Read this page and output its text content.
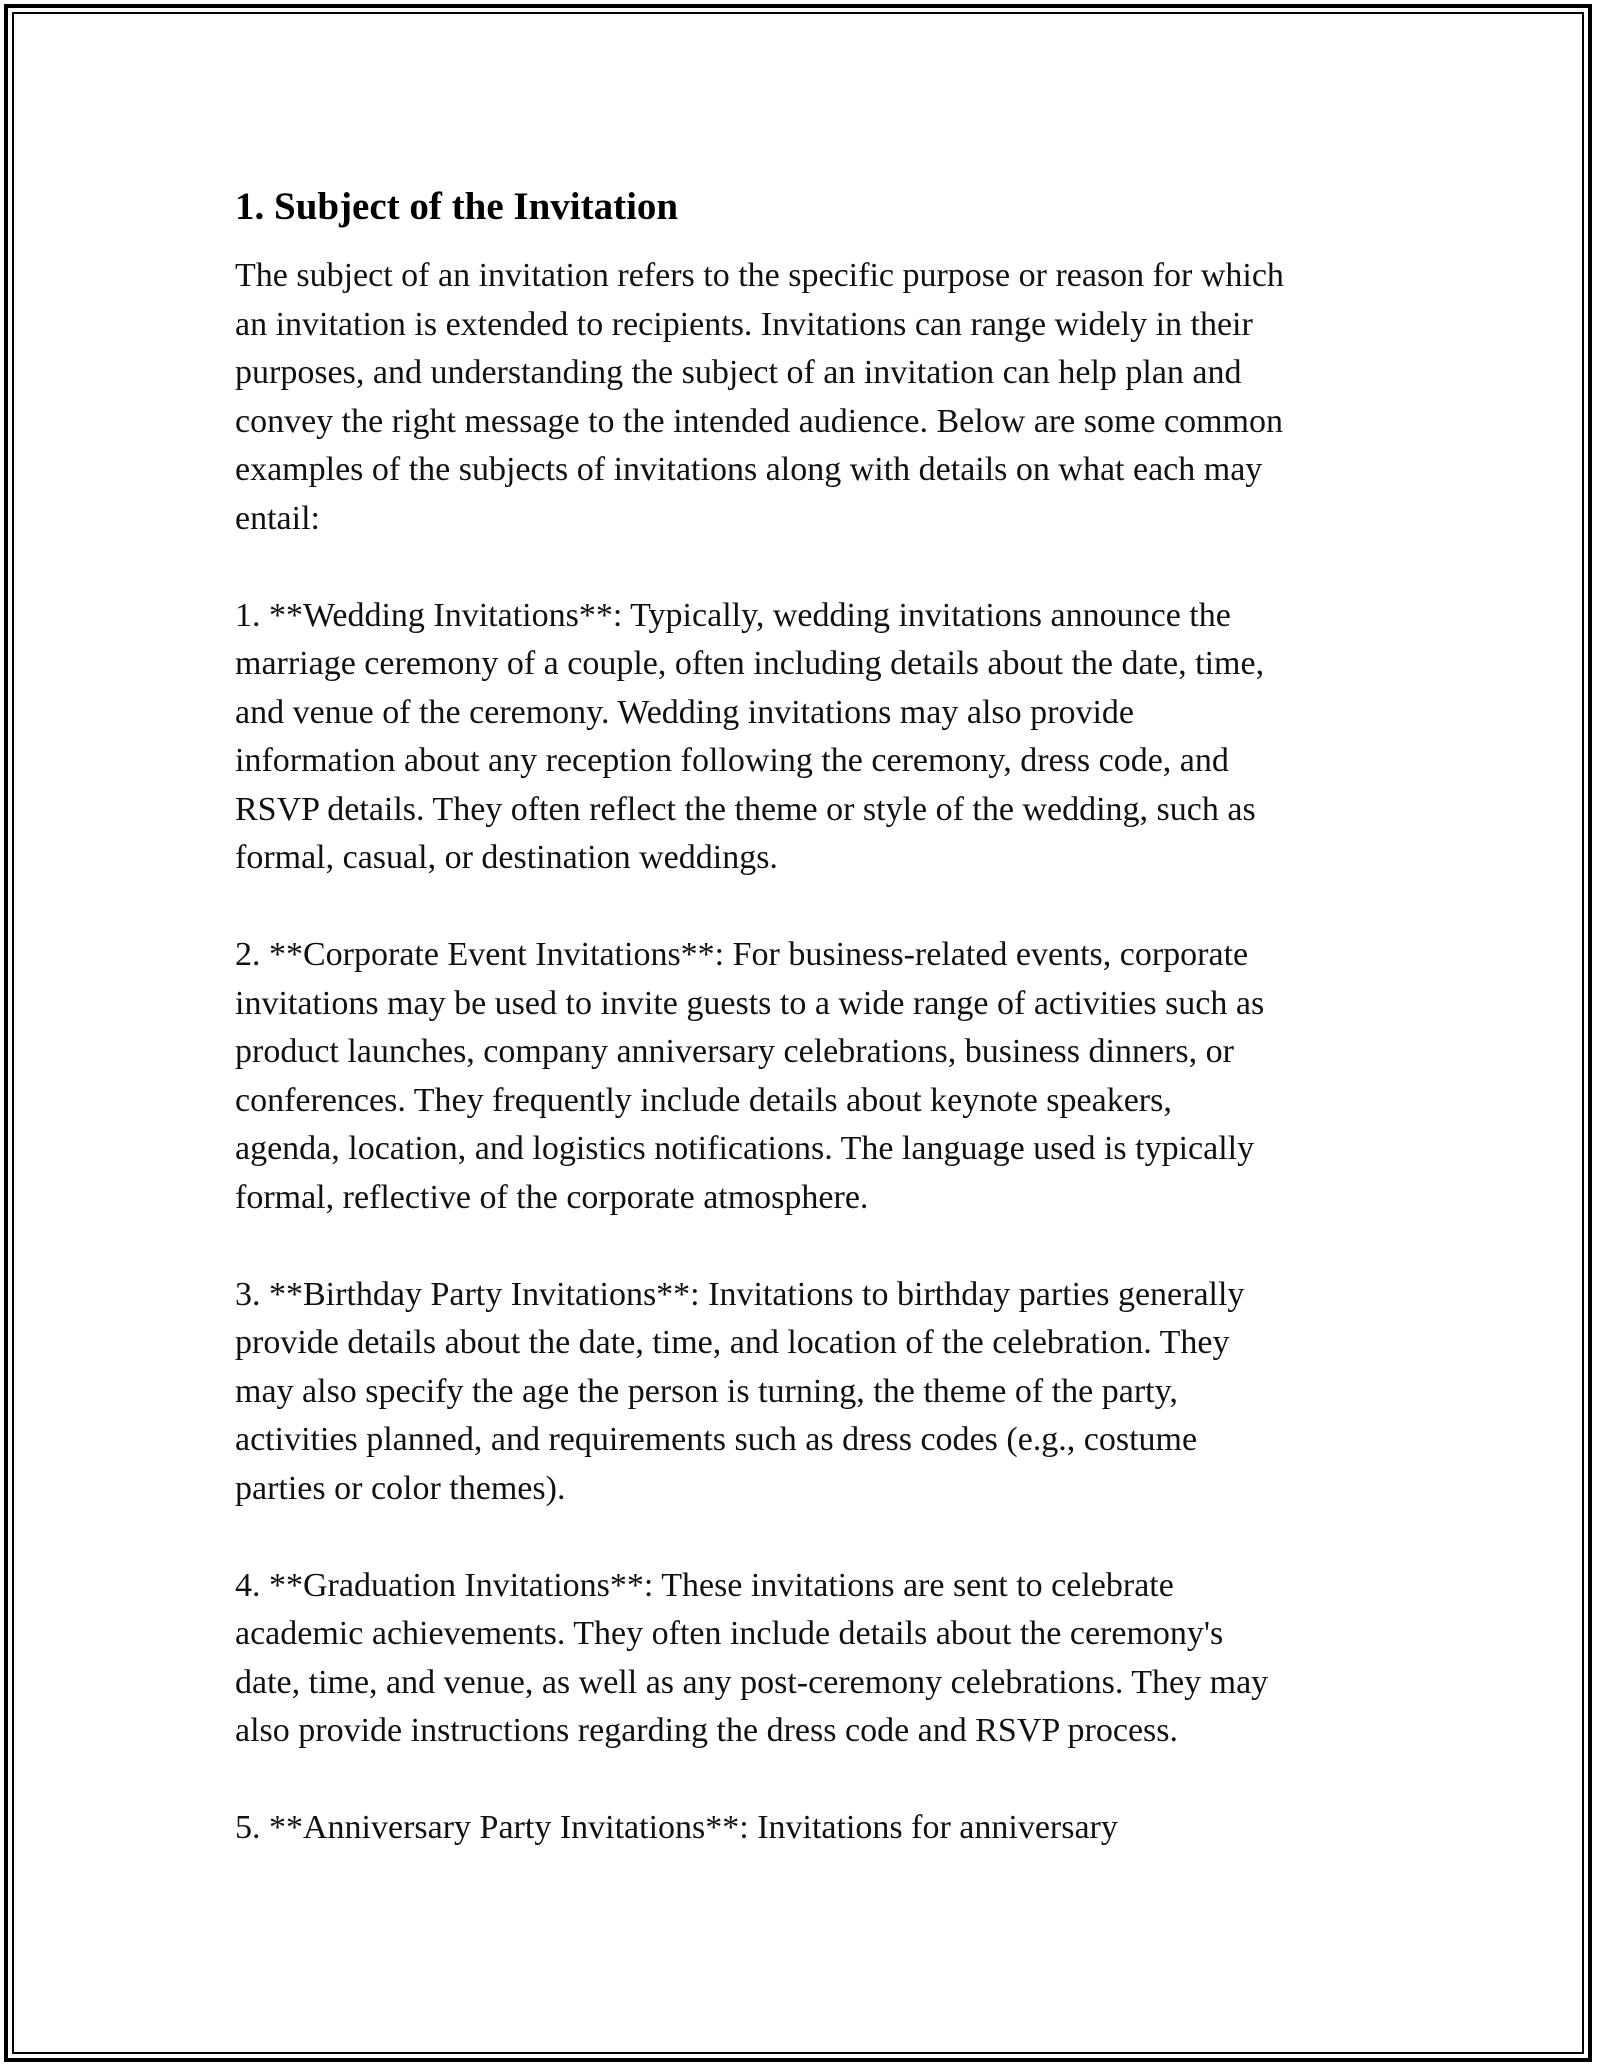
1. Subject of the Invitation
The subject of an invitation refers to the specific purpose or reason for which
an invitation is extended to recipients. Invitations can range widely in their
purposes, and understanding the subject of an invitation can help plan and
convey the right message to the intended audience. Below are some common
examples of the subjects of invitations along with details on what each may
entail:
1. **Wedding Invitations**: Typically, wedding invitations announce the
marriage ceremony of a couple, often including details about the date, time,
and venue of the ceremony. Wedding invitations may also provide
information about any reception following the ceremony, dress code, and
RSVP details. They often reflect the theme or style of the wedding, such as
formal, casual, or destination weddings.
2. **Corporate Event Invitations**: For business-related events, corporate
invitations may be used to invite guests to a wide range of activities such as
product launches, company anniversary celebrations, business dinners, or
conferences. They frequently include details about keynote speakers,
agenda, location, and logistics notifications. The language used is typically
formal, reflective of the corporate atmosphere.
3. **Birthday Party Invitations**: Invitations to birthday parties generally
provide details about the date, time, and location of the celebration. They
may also specify the age the person is turning, the theme of the party,
activities planned, and requirements such as dress codes (e.g., costume
parties or color themes).
4. **Graduation Invitations**: These invitations are sent to celebrate
academic achievements. They often include details about the ceremony's
date, time, and venue, as well as any post-ceremony celebrations. They may
also provide instructions regarding the dress code and RSVP process.
5. **Anniversary Party Invitations**: Invitations for anniversary
